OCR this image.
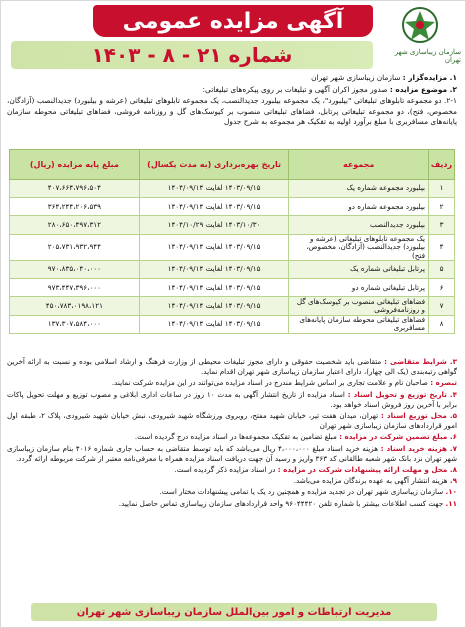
سازمان زیباسازی شهر تهران
آگهی مزایده عمومی
شماره ۲۱ - ۸ - ۱۴۰۳

۱. مزایده‌گزار : سازمان زیباسازی شهر تهران

۲. موضوع مزایده : صدور مجوز اکران آگهی و تبلیغات بر روی پیکره‌های تبلیغاتی:

۲-۱. دو مجموعه تابلوهای تبلیغاتی "بیلبورد"، یک مجموعه بیلبورد جدیدالنصب، یک مجموعه تابلوهای تبلیغاتی (عرشه و بیلبورد) جدیدالنصب (آزادگان، مخصوص، فتح)، دو مجموعه تبلیغاتی پرتابل، فضاهای تبلیغاتی منصوب بر کیوسک‌های گل و روزنامه فروشی، فضاهای تبلیغاتی محوطه سازمان پایانه‌های مسافربری با مبلغ برآورد اولیه به تفکیک هر مجموعه به شرح جدول

ردیف	مجموعه	تاریخ بهره‌برداری (به مدت یکسال)	مبلغ پایه مزایده (ریال)
۱	بیلبورد مجموعه شماره یک	۱۴۰۳/۰۹/۱۵ لغایت ۱۴۰۴/۰۹/۱۴	۴۰۷،۶۶۴،۷۹۶،۵۰۴
۲	بیلبورد مجموعه شماره دو	۱۴۰۳/۰۹/۱۵ لغایت ۱۴۰۴/۰۹/۱۴	۳۶۴،۲۴۴،۲۰۶،۵۳۹
۳	بیلبورد جدیدالنصب	۱۴۰۳/۱۰/۳۰ لغایت ۱۴۰۴/۱۰/۲۹	۲۸۰،۶۵۰،۴۹۷،۳۱۲
۴	یک مجموعه تابلوهای تبلیغاتی (عرشه و بیلبورد) جدیدالنصب (آزادگان، مخصوص، فتح)	۱۴۰۳/۰۹/۱۵ لغایت ۱۴۰۴/۰۹/۱۴	۲۰۵،۷۳۱،۹۳۲،۹۴۴
۵	پرتابل تبلیغاتی شماره یک	۱۴۰۳/۰۹/۱۵ لغایت ۱۴۰۴/۰۹/۱۴	۹۷۰،۸۳۵،۰۴۰،۰۰۰
۶	پرتابل تبلیغاتی شماره دو	۱۴۰۳/۰۹/۱۵ لغایت ۱۴۰۴/۰۹/۱۴	۹۷۳،۴۴۷،۳۹۶،۰۰۰
۷	فضاهای تبلیغاتی منصوب بر کیوسک‌های گل و روزنامه‌فروشی	۱۴۰۳/۰۹/۱۵ لغایت ۱۴۰۴/۰۹/۱۴	۴۵۰،۷۸۳،۰۱۹۸،۱۲۱
۸	فضاهای تبلیغاتی محوطه سازمان پایانه‌های مسافربری	۱۴۰۳/۰۹/۱۵ لغایت ۱۴۰۴/۰۹/۱۴	۱۳۷،۳۰۷،۵۸۴،۰۰۰

۳. شرایط متقاضی : متقاضی باید شخصیت حقوقی و دارای مجوز تبلیغات محیطی از وزارت فرهنگ و ارشاد اسلامی بوده و نسبت به ارائه آخرین گواهی رتبه‌بندی (یک الی چهار)، دارای اعتبار سازمان زیباسازی شهر تهران اقدام نماید.

تبصره : صاحبان نام و علامت تجاری بر اساس شرایط مندرج در اسناد مزایده می‌توانند در این مزایده شرکت نمایند.

۴. تاریخ توزیع و تحویل اسناد : اسناد مزایده از تاریخ انتشار آگهی به مدت ۱۰ روز در ساعات اداری ابلاغی و مصوب توزیع و مهلت تحویل پاکات برابر با آخرین روز فروش اسناد خواهد بود.

۵. محل توزیع اسناد : تهران، میدان هفت تیر، خیابان شهید مفتح، روبروی ورزشگاه شهید شیرودی، نبش خیابان شهید شیرودی، پلاک ۲، طبقه اول امور قراردادهای سازمان زیباسازی شهر تهران

۶. مبلغ تضمین شرکت در مزایده : مبلغ تضامین به تفکیک مجموعه‌ها در اسناد مزایده درج گردیده است.

۷. هزینه خرید اسناد : هزینه خرید اسناد مبلغ ۴،۰۰۰،۰۰۰ ریال می‌باشد که باید توسط متقاضی به حساب جاری شماره ۴۰۱۶ بنام سازمان زیباسازی شهر تهران نزد بانک شهر شعبه طالقانی کد ۳۶۳ واریز و رسید آن جهت دریافت اسناد مزایده همراه با معرفی‌نامه معتبر از شرکت مربوطه ارائه گردد.

۸. محل و مهلت ارائه پیشنهادات شرکت در مزایده : در اسناد مزایده ذکر گردیده است.

۹. هزینه انتشار آگهی به عهده برندگان مزایده می‌باشد.

۱۰. سازمان زیباسازی شهر تهران در تجدید مزایده و همچنین رد یک یا تمامی پیشنهادات مختار است.

۱۱. جهت کسب اطلاعات بیشتر با شماره تلفن ۹۶۰۴۴۴۲۰ واحد قراردادهای سازمان زیباسازی تماس حاصل نمایید.

مدیریت ارتباطات و امور بین‌الملل سازمان زیباسازی شهر تهران
